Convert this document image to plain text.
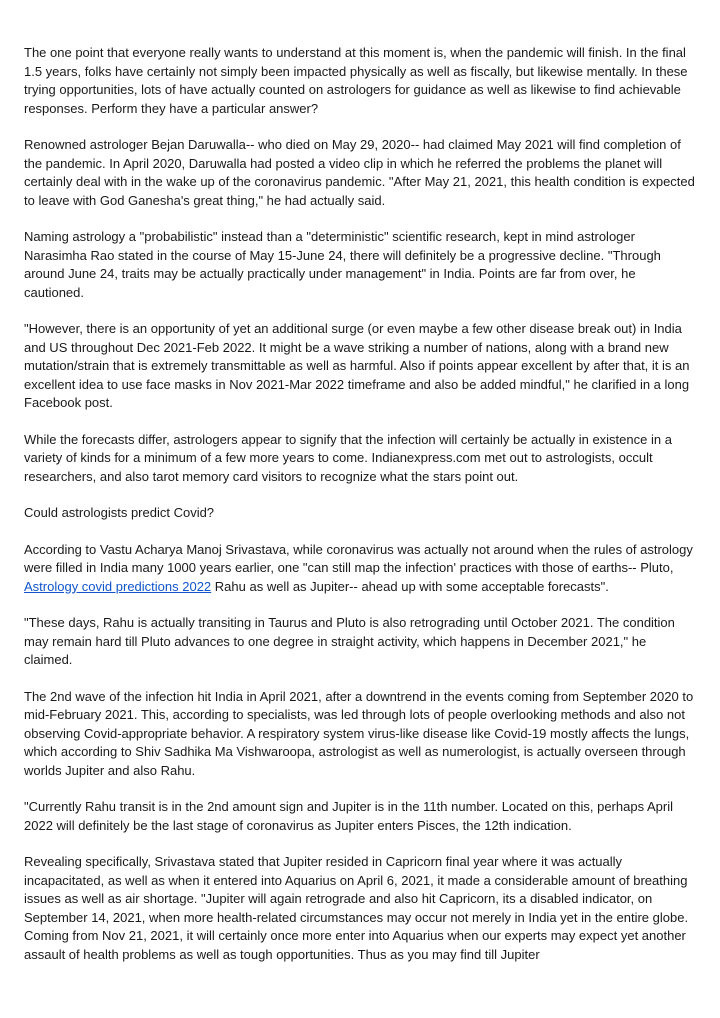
The one point that everyone really wants to understand at this moment is, when the pandemic will finish. In the final 1.5 years, folks have certainly not simply been impacted physically as well as fiscally, but likewise mentally. In these trying opportunities, lots of have actually counted on astrologers for guidance as well as likewise to find achievable responses. Perform they have a particular answer?

Renowned astrologer Bejan Daruwalla-- who died on May 29, 2020-- had claimed May 2021 will find completion of the pandemic. In April 2020, Daruwalla had posted a video clip in which he referred the problems the planet will certainly deal with in the wake up of the coronavirus pandemic. "After May 21, 2021, this health condition is expected to leave with God Ganesha's great thing," he had actually said.

Naming astrology a "probabilistic" instead than a "deterministic" scientific research, kept in mind astrologer Narasimha Rao stated in the course of May 15-June 24, there will definitely be a progressive decline. "Through around June 24, traits may be actually practically under management" in India. Points are far from over, he cautioned.

"However, there is an opportunity of yet an additional surge (or even maybe a few other disease break out) in India and US throughout Dec 2021-Feb 2022. It might be a wave striking a number of nations, along with a brand new mutation/strain that is extremely transmittable as well as harmful. Also if points appear excellent by after that, it is an excellent idea to use face masks in Nov 2021-Mar 2022 timeframe and also be added mindful," he clarified in a long Facebook post.

While the forecasts differ, astrologers appear to signify that the infection will certainly be actually in existence in a variety of kinds for a minimum of a few more years to come. Indianexpress.com met out to astrologists, occult researchers, and also tarot memory card visitors to recognize what the stars point out.

Could astrologists predict Covid?

According to Vastu Acharya Manoj Srivastava, while coronavirus was actually not around when the rules of astrology were filled in India many 1000 years earlier, one "can still map the infection' practices with those of earths-- Pluto, Astrology covid predictions 2022 Rahu as well as Jupiter-- ahead up with some acceptable forecasts".

"These days, Rahu is actually transiting in Taurus and Pluto is also retrograding until October 2021. The condition may remain hard till Pluto advances to one degree in straight activity, which happens in December 2021," he claimed.

The 2nd wave of the infection hit India in April 2021, after a downtrend in the events coming from September 2020 to mid-February 2021. This, according to specialists, was led through lots of people overlooking methods and also not observing Covid-appropriate behavior. A respiratory system virus-like disease like Covid-19 mostly affects the lungs, which according to Shiv Sadhika Ma Vishwaroopa, astrologist as well as numerologist, is actually overseen through worlds Jupiter and also Rahu.

"Currently Rahu transit is in the 2nd amount sign and Jupiter is in the 11th number. Located on this, perhaps April 2022 will definitely be the last stage of coronavirus as Jupiter enters Pisces, the 12th indication.

Revealing specifically, Srivastava stated that Jupiter resided in Capricorn final year where it was actually incapacitated, as well as when it entered into Aquarius on April 6, 2021, it made a considerable amount of breathing issues as well as air shortage. "Jupiter will again retrograde and also hit Capricorn, its a disabled indicator, on September 14, 2021, when more health-related circumstances may occur not merely in India yet in the entire globe. Coming from Nov 21, 2021, it will certainly once more enter into Aquarius when our experts may expect yet another assault of health problems as well as tough opportunities. Thus as you may find till Jupiter
